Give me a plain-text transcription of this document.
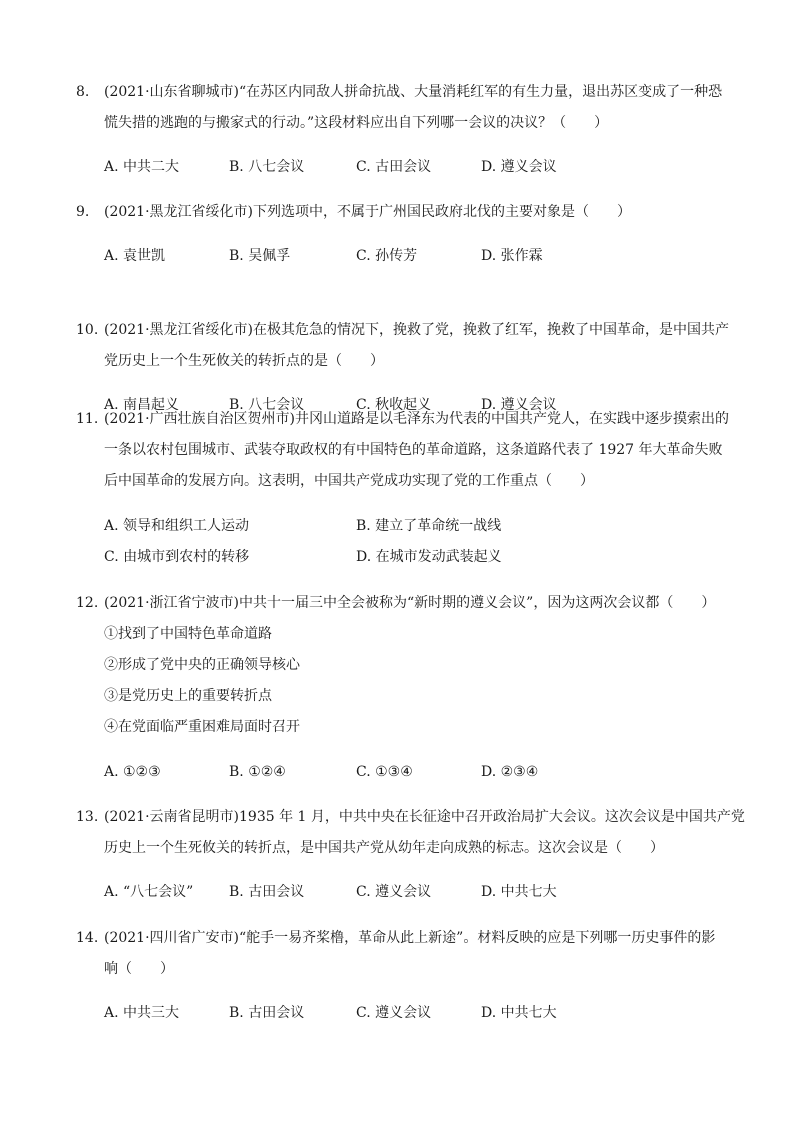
8.	(2021·山东省聊城市)“在苏区内同敌人拼命抗战、大量消耗红军的有生力量，退出苏区变成了一种恐
慌失措的逃跑的与搬家式的行动。”这段材料应出自下列哪一会议的决议？（　　）
A. 中共二大	B. 八七会议	C. 古田会议	D. 遵义会议
9.	(2021·黑龙江省绥化市)下列选项中，不属于广州国民政府北伐的主要对象是（　　）
A. 袁世凯	B. 吴佩孚	C. 孙传芳	D. 张作霖
10. (2021·黑龙江省绥化市)在极其危急的情况下，挽救了党，挽救了红军，挽救了中国革命，是中国共产
党历史上一个生死攸关的转折点的是（　　）
A. 南昌起义	B. 八七会议	C. 秋收起义	D. 遵义会议
11. (2021·广西壮族自治区贺州市)井冈山道路是以毛泽东为代表的中国共产党人，在实践中逐步摸索出的
一条以农村包围城市、武装夺取政权的有中国特色的革命道路，这条道路代表了 1927 年大革命失败
后中国革命的发展方向。这表明，中国共产党成功实现了党的工作重点（　　）
A. 领导和组织工人运动	B. 建立了革命统一战线
C. 由城市到农村的转移	D. 在城市发动武装起义
12. (2021·浙江省宁波市)中共十一届三中全会被称为“新时期的遵义会议”，因为这两次会议都（　　）
①找到了中国特色革命道路
②形成了党中央的正确领导核心
③是党历史上的重要转折点
④在党面临严重困难局面时召开
A. ①②③	B. ①②④	C. ①③④	D. ②③④
13. (2021·云南省昆明市)1935 年 1 月，中共中央在长征途中召开政治局扩大会议。这次会议是中国共产党
历史上一个生死攸关的转折点，是中国共产党从幼年走向成熟的标志。这次会议是（　　）
A. “八七会议”	B. 古田会议	C. 遵义会议	D. 中共七大
14. (2021·四川省广安市)“舵手一易齐桨橹，革命从此上新途”。材料反映的应是下列哪一历史事件的影
响（　　）
A. 中共三大	B. 古田会议	C. 遵义会议	D. 中共七大
